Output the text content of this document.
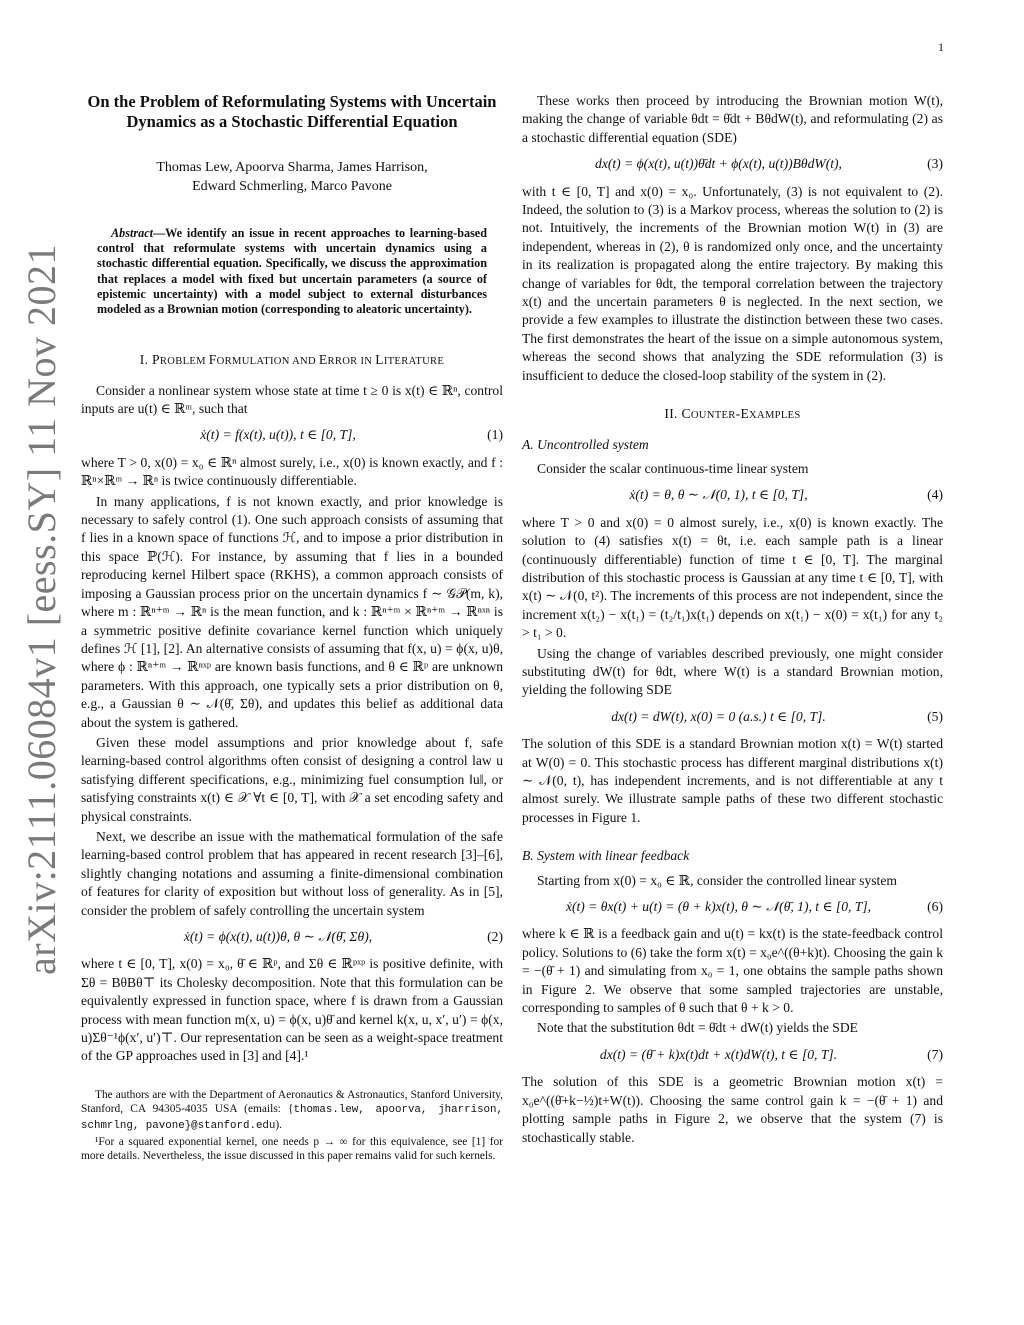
1
arXiv:2111.06084v1 [eess.SY] 11 Nov 2021
On the Problem of Reformulating Systems with Uncertain Dynamics as a Stochastic Differential Equation
Thomas Lew, Apoorva Sharma, James Harrison,
Edward Schmerling, Marco Pavone
Abstract—We identify an issue in recent approaches to learning-based control that reformulate systems with uncertain dynamics using a stochastic differential equation. Specifically, we discuss the approximation that replaces a model with fixed but uncertain parameters (a source of epistemic uncertainty) with a model subject to external disturbances modeled as a Brownian motion (corresponding to aleatoric uncertainty).
I. PROBLEM FORMULATION AND ERROR IN LITERATURE

Consider a nonlinear system whose state at time t ≥ 0 is x(t) ∈ ℝⁿ, control inputs are u(t) ∈ ℝᵐ, such that

ẋ(t) = f(x(t), u(t)), t ∈ [0, T],	(1)

where T > 0, x(0) = x₀ ∈ ℝⁿ almost surely, i.e., x(0) is known exactly, and f : ℝⁿ×ℝᵐ → ℝⁿ is twice continuously differentiable.

In many applications, f is not known exactly, and prior knowledge is necessary to safely control (1). One such approach consists of assuming that f lies in a known space of functions ℋ, and to impose a prior distribution in this space ℙ(ℋ). For instance, by assuming that f lies in a bounded reproducing kernel Hilbert space (RKHS), a common approach consists of imposing a Gaussian process prior on the uncertain dynamics f ∼ 𝒢𝒫(m, k), where m : ℝⁿ⁺ᵐ → ℝⁿ is the mean function, and k : ℝⁿ⁺ᵐ × ℝⁿ⁺ᵐ → ℝⁿˣⁿ is a symmetric positive definite covariance kernel function which uniquely defines ℋ [1], [2]. An alternative consists of assuming that f(x, u) = ϕ(x, u)θ, where ϕ : ℝⁿ⁺ᵐ → ℝⁿˣᵖ are known basis functions, and θ ∈ ℝᵖ are unknown parameters. With this approach, one typically sets a prior distribution on θ, e.g., a Gaussian θ ∼ 𝒩(θ̄, Σθ), and updates this belief as additional data about the system is gathered.

Given these model assumptions and prior knowledge about f, safe learning-based control algorithms often consist of designing a control law u satisfying different specifications, e.g., minimizing fuel consumption ‖u‖, or satisfying constraints x(t) ∈ 𝒳 ∀t ∈ [0, T], with 𝒳 a set encoding safety and physical constraints.

Next, we describe an issue with the mathematical formulation of the safe learning-based control problem that has appeared in recent research [3]–[6], slightly changing notations and assuming a finite-dimensional combination of features for clarity of exposition but without loss of generality. As in [5], consider the problem of safely controlling the uncertain system

ẋ(t) = ϕ(x(t), u(t))θ, θ ∼ 𝒩(θ̄, Σθ),	(2)

where t ∈ [0, T], x(0) = x₀, θ̄ ∈ ℝᵖ, and Σθ ∈ ℝᵖˣᵖ is positive definite, with Σθ = BθBθ⊤ its Cholesky decomposition. Note that this formulation can be equivalently expressed in function space, where f is drawn from a Gaussian process with mean function m(x, u) = ϕ(x, u)θ̄ and kernel k(x, u, x′, u′) = ϕ(x, u)Σθ⁻¹ϕ(x′, u′)⊤. Our representation can be seen as a weight-space treatment of the GP approaches used in [3] and [4].¹

The authors are with the Department of Aeronautics & Astronautics, Stanford University, Stanford, CA 94305-4035 USA (emails: {thomas.lew, apoorva, jharrison, schmrlng, pavone}@stanford.edu).

¹For a squared exponential kernel, one needs p → ∞ for this equivalence, see [1] for more details. Nevertheless, the issue discussed in this paper remains valid for such kernels.

These works then proceed by introducing the Brownian motion W(t), making the change of variable θdt = θ̄dt + BθdW(t), and reformulating (2) as a stochastic differential equation (SDE)

dx(t) = ϕ(x(t), u(t))θ̄dt + ϕ(x(t), u(t))BθdW(t),	(3)

with t ∈ [0, T] and x(0) = x₀. Unfortunately, (3) is not equivalent to (2). Indeed, the solution to (3) is a Markov process, whereas the solution to (2) is not. Intuitively, the increments of the Brownian motion W(t) in (3) are independent, whereas in (2), θ is randomized only once, and the uncertainty in its realization is propagated along the entire trajectory. By making this change of variables for θdt, the temporal correlation between the trajectory x(t) and the uncertain parameters θ is neglected. In the next section, we provide a few examples to illustrate the distinction between these two cases. The first demonstrates the heart of the issue on a simple autonomous system, whereas the second shows that analyzing the SDE reformulation (3) is insufficient to deduce the closed-loop stability of the system in (2).

II. COUNTER-EXAMPLES
A. Uncontrolled system

Consider the scalar continuous-time linear system

ẋ(t) = θ, θ ∼ 𝒩(0, 1), t ∈ [0, T],	(4)

where T > 0 and x(0) = 0 almost surely, i.e., x(0) is known exactly. The solution to (4) satisfies x(t) = θt, i.e. each sample path is a linear (continuously differentiable) function of time t ∈ [0, T]. The marginal distribution of this stochastic process is Gaussian at any time t ∈ [0, T], with x(t) ∼ 𝒩(0, t²). The increments of this process are not independent, since the increment x(t₂) − x(t₁) = (t₂/t₁)x(t₁) depends on x(t₁) − x(0) = x(t₁) for any t₂ > t₁ > 0.

Using the change of variables described previously, one might consider substituting dW(t) for θdt, where W(t) is a standard Brownian motion, yielding the following SDE

dx(t) = dW(t), x(0) = 0 (a.s.) t ∈ [0, T].	(5)

The solution of this SDE is a standard Brownian motion x(t) = W(t) started at W(0) = 0. This stochastic process has different marginal distributions x(t) ∼ 𝒩(0, t), has independent increments, and is not differentiable at any t almost surely. We illustrate sample paths of these two different stochastic processes in Figure 1.

B. System with linear feedback

Starting from x(0) = x₀ ∈ ℝ, consider the controlled linear system

ẋ(t) = θx(t) + u(t) = (θ + k)x(t), θ ∼ 𝒩(θ̄, 1), t ∈ [0, T],	(6)

where k ∈ ℝ is a feedback gain and u(t) = kx(t) is the state-feedback control policy. Solutions to (6) take the form x(t) = x₀e^((θ+k)t). Choosing the gain k = −(θ̄ + 1) and simulating from x₀ = 1, one obtains the sample paths shown in Figure 2. We observe that some sampled trajectories are unstable, corresponding to samples of θ such that θ + k > 0.

Note that the substitution θdt = θ̄dt + dW(t) yields the SDE

dx(t) = (θ̄ + k)x(t)dt + x(t)dW(t), t ∈ [0, T].	(7)

The solution of this SDE is a geometric Brownian motion x(t) = x₀e^((θ̄+k−½)t+W(t)). Choosing the same control gain k = −(θ̄ + 1) and plotting sample paths in Figure 2, we observe that the system (7) is stochastically stable.
